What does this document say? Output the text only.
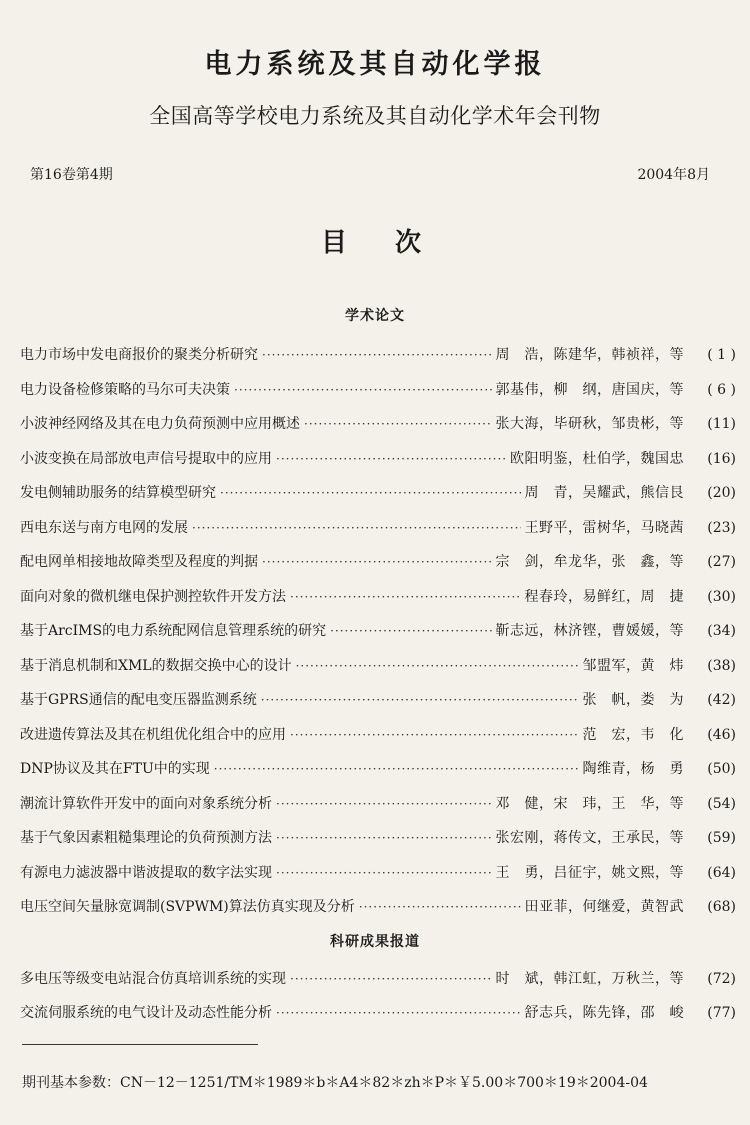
电力系统及其自动化学报
全国高等学校电力系统及其自动化学术年会刊物
第16卷第4期	2004年8月
目次
学术论文
电力市场中发电商报价的聚类分析研究 ·····	周　浩，陈建华，韩祯祥，等	( 1 )
电力设备检修策略的马尔可夫决策 ·····	郭基伟，柳　纲，唐国庆，等	( 6 )
小波神经网络及其在电力负荷预测中应用概述 ·····	张大海，毕研秋，邹贵彬，等	(11)
小波变换在局部放电声信号提取中的应用 ·····	欧阳明鉴，杜伯学，魏国忠	(16)
发电侧辅助服务的结算模型研究 ·····	周　青，吴耀武，熊信艮	(20)
西电东送与南方电网的发展 ·····	王野平，雷树华，马晓茜	(23)
配电网单相接地故障类型及程度的判据 ·····	宗　剑，牟龙华，张　鑫，等	(27)
面向对象的微机继电保护测控软件开发方法 ·····	程春玲，易鲜红，周　捷	(30)
基于ArcIMS的电力系统配网信息管理系统的研究 ·····	靳志远，林济铿，曹媛媛，等	(34)
基于消息机制和XML的数据交换中心的设计 ·····	邹盟军，黄　炜	(38)
基于GPRS通信的配电变压器监测系统 ·····	张　帆，娄　为	(42)
改进遗传算法及其在机组优化组合中的应用 ·····	范　宏，韦　化	(46)
DNP协议及其在FTU中的实现 ·····	陶维青，杨　勇	(50)
潮流计算软件开发中的面向对象系统分析 ·····	邓　健，宋　玮，王　华，等	(54)
基于气象因素粗糙集理论的负荷预测方法 ·····	张宏刚，蒋传文，王承民，等	(59)
有源电力滤波器中谐波提取的数字法实现 ·····	王　勇，吕征宇，姚文熙，等	(64)
电压空间矢量脉宽调制(SVPWM)算法仿真实现及分析 ·····	田亚菲，何继爱，黄智武	(68)
科研成果报道
多电压等级变电站混合仿真培训系统的实现 ·····	时　斌，韩江虹，万秋兰，等	(72)
交流伺服系统的电气设计及动态性能分析 ·····	舒志兵，陈先锋，邵　峻	(77)
期刊基本参数：CN－12－1251/TM＊1989＊b＊A4＊82＊zh＊P＊￥5.00＊700＊19＊2004-04
